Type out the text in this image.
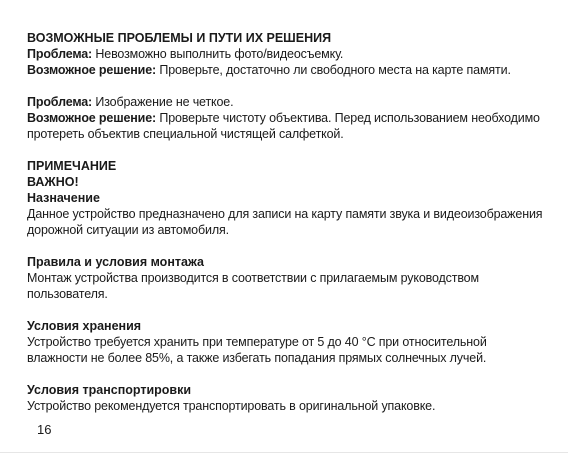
ВОЗМОЖНЫЕ ПРОБЛЕМЫ И ПУТИ ИХ РЕШЕНИЯ

Проблема: Невозможно выполнить фото/видеосъемку.

Возможное решение: Проверьте, достаточно ли свободного места на карте памяти.

Проблема: Изображение не четкое.

Возможное решение: Проверьте чистоту объектива. Перед использованием необходимо протереть объектив специальной чистящей салфеткой.

ПРИМЕЧАНИЕ

ВАЖНО!

Назначение

Данное устройство предназначено для записи на карту памяти звука и видеоизображения дорожной ситуации из автомобиля.

Правила и условия монтажа

Монтаж устройства производится в соответствии с прилагаемым руководством пользователя.

Условия хранения

Устройство требуется хранить при температуре от 5 до 40 °С при относительной влажности не более 85%, а также избегать попадания прямых солнечных лучей.

Условия транспортировки

Устройство рекомендуется транспортировать в оригинальной упаковке.

16
